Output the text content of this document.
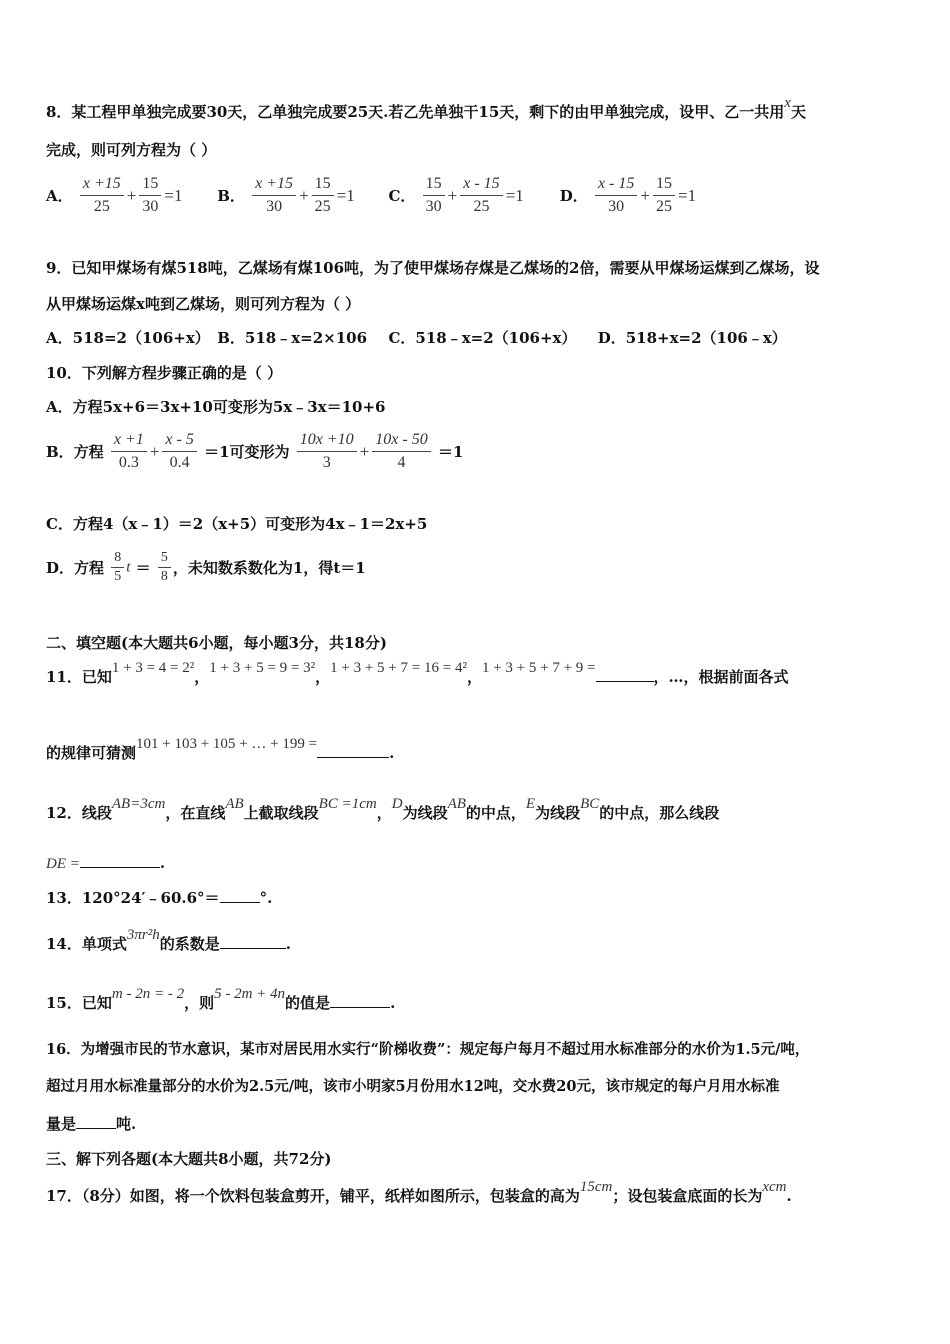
8．某工程甲单独完成要30天，乙单独完成要25天.若乙先单独干15天，剩下的由甲单独完成，设甲、乙一共用x天
完成，则可列方程为（ ）
A． $\frac{x +15}{25} + \frac{15}{30} =1$ B． $\frac{x +15}{30} + \frac{15}{25} =1$ C． $\frac{15}{30} + \frac{x - 15}{25} =1$ D． $\frac{x - 15}{30} + \frac{15}{25} =1$
9．已知甲煤场有煤518吨，乙煤场有煤106吨，为了使甲煤场存煤是乙煤场的2倍，需要从甲煤场运煤到乙煤场，设
从甲煤场运煤x吨到乙煤场，则可列方程为（ ）
A．518=2（106+x） B．518﹣x=2×106 C．518﹣x=2（106+x） D．518+x=2（106﹣x）
10．下列解方程步骤正确的是（ ）
A．方程5x+6＝3x+10可变形为5x﹣3x＝10+6
B．方程 $\frac{x +1}{0.3} + \frac{x - 5}{0.4} =1$可变形为 $\frac{10x +10}{3} + \frac{10x - 50}{4} =1$
C．方程4（x﹣1）＝2（x+5）可变形为4x﹣1＝2x+5
D．方程 $\frac{8}{5}$ $t = \frac{5}{8}$ ，未知数系数化为1，得t＝1
二、填空题(本大题共6小题，每小题3分，共18分)
11．已知1 + 3 = 4 = 2²，1 + 3 + 5 = 9 = 3²，1 + 3 + 5 + 7 = 16 = 4²，1 + 3 + 5 + 7 + 9 =	，…，根据前面各式
的规律可猜测101 + 103 + 105 + … + 199 =	.
12．线段AB=3cm，在直线AB上截取线段BC =1cm，D为线段AB的中点，E为线段BC的中点，那么线段
DE =	.
13．120°24′﹣60.6°＝	°.
14．单项式3πr²h的系数是	.
15．已知m - 2n = - 2，则5 - 2m + 4n的值是	.
16．为增强市民的节水意识，某市对居民用水实行“阶梯收费”：规定每户每月不超过用水标准部分的水价为1.5元/吨，
超过月用水标准量部分的水价为2.5元/吨，该市小明家5月份用水12吨，交水费20元，该市规定的每户月用水标准
量是	吨.
三、解下列各题(本大题共8小题，共72分)
17．（8分）如图，将一个饮料包装盒剪开，铺平，纸样如图所示，包装盒的高为15cm；设包装盒底面的长为xcm.
